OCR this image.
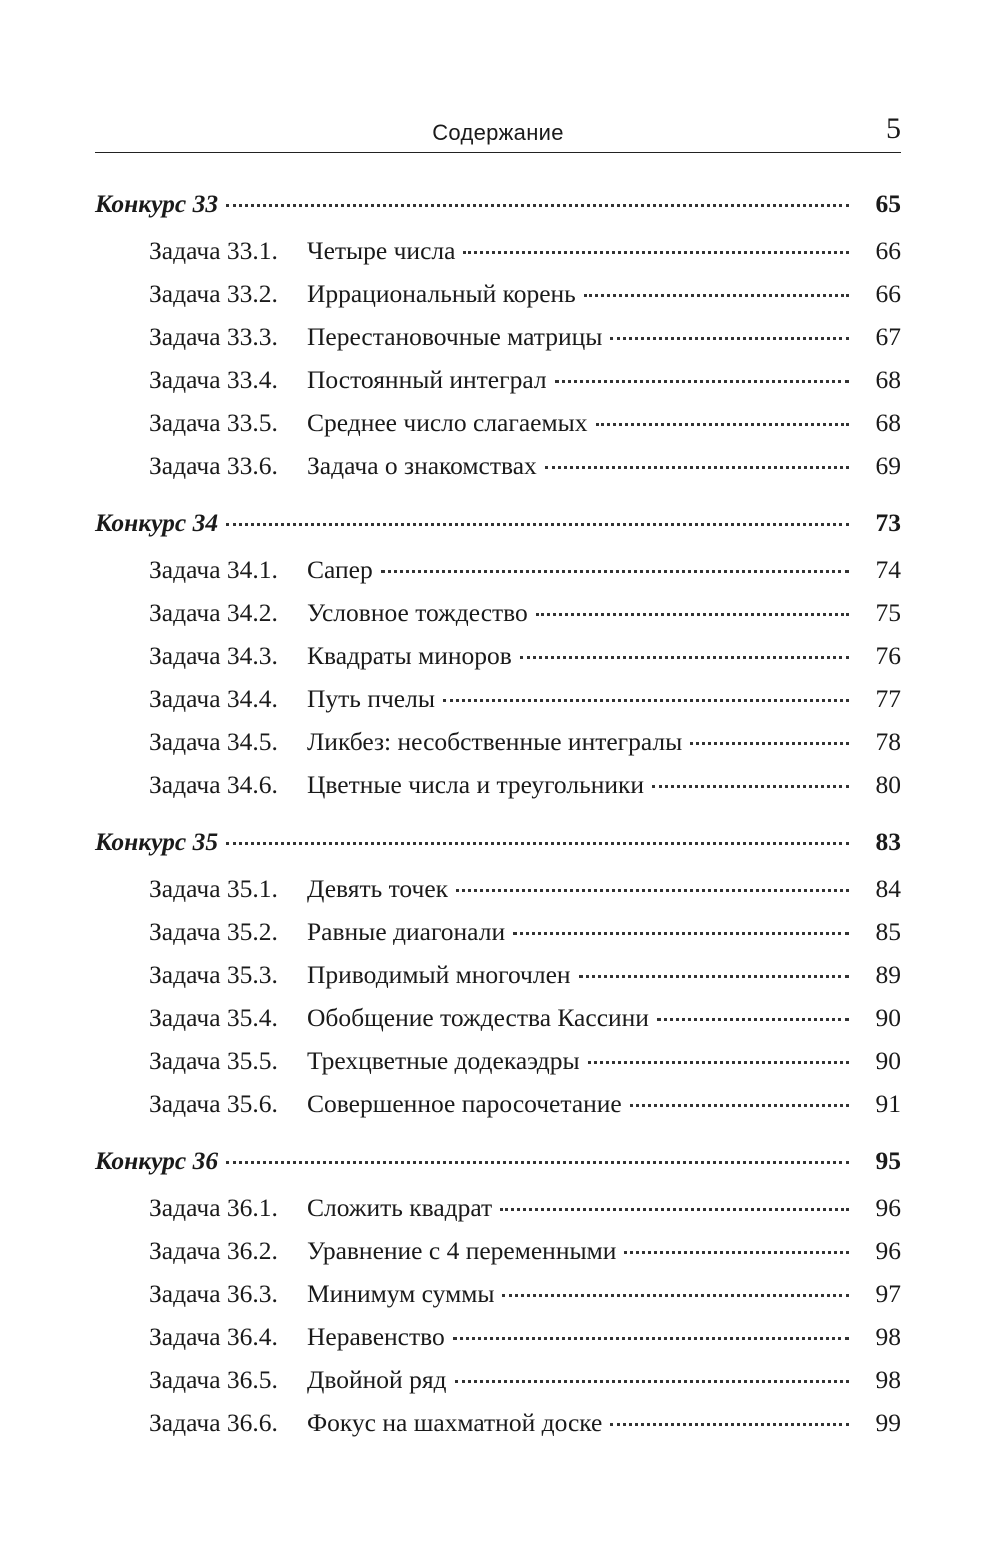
Содержание	5
Конкурс 33	65
Задача 33.1.	Четыре числа	66
Задача 33.2.	Иррациональный корень	66
Задача 33.3.	Перестановочные матрицы	67
Задача 33.4.	Постоянный интеграл	68
Задача 33.5.	Среднее число слагаемых	68
Задача 33.6.	Задача о знакомствах	69
Конкурс 34	73
Задача 34.1.	Сапер	74
Задача 34.2.	Условное тождество	75
Задача 34.3.	Квадраты миноров	76
Задача 34.4.	Путь пчелы	77
Задача 34.5.	Ликбез: несобственные интегралы	78
Задача 34.6.	Цветные числа и треугольники	80
Конкурс 35	83
Задача 35.1.	Девять точек	84
Задача 35.2.	Равные диагонали	85
Задача 35.3.	Приводимый многочлен	89
Задача 35.4.	Обобщение тождества Кассини	90
Задача 35.5.	Трехцветные додекаэдры	90
Задача 35.6.	Совершенное паросочетание	91
Конкурс 36	95
Задача 36.1.	Сложить квадрат	96
Задача 36.2.	Уравнение с 4 переменными	96
Задача 36.3.	Минимум суммы	97
Задача 36.4.	Неравенство	98
Задача 36.5.	Двойной ряд	98
Задача 36.6.	Фокус на шахматной доске	99
